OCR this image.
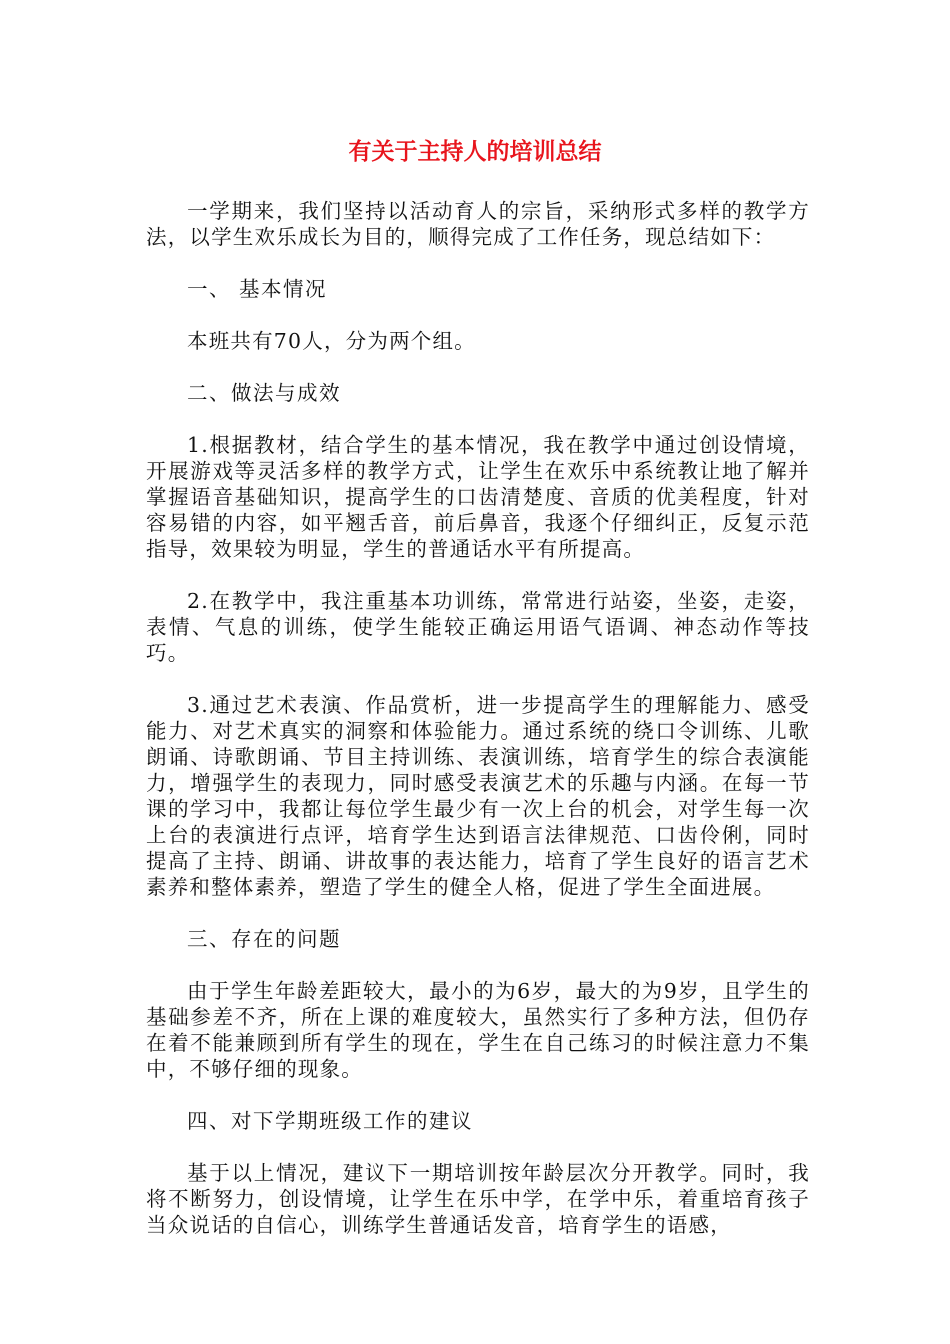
有关于主持人的培训总结

一学期来，我们坚持以活动育人的宗旨，采纳形式多样的教学方法，以学生欢乐成长为目的，顺得完成了工作任务，现总结如下：

一、 基本情况

本班共有70人，分为两个组。

二、做法与成效

1.根据教材，结合学生的基本情况，我在教学中通过创设情境，开展游戏等灵活多样的教学方式，让学生在欢乐中系统教让地了解并掌握语音基础知识，提高学生的口齿清楚度、音质的优美程度，针对容易错的内容，如平翘舌音，前后鼻音，我逐个仔细纠正，反复示范指导，效果较为明显，学生的普通话水平有所提高。

2.在教学中，我注重基本功训练，常常进行站姿，坐姿，走姿，表情、气息的训练，使学生能较正确运用语气语调、神态动作等技巧。

3.通过艺术表演、作品赏析，进一步提高学生的理解能力、感受能力、对艺术真实的洞察和体验能力。通过系统的绕口令训练、儿歌朗诵、诗歌朗诵、节目主持训练、表演训练，培育学生的综合表演能力，增强学生的表现力，同时感受表演艺术的乐趣与内涵。在每一节课的学习中，我都让每位学生最少有一次上台的机会，对学生每一次上台的表演进行点评，培育学生达到语言法律规范、口齿伶俐，同时提高了主持、朗诵、讲故事的表达能力，培育了学生良好的语言艺术素养和整体素养，塑造了学生的健全人格，促进了学生全面进展。

三、存在的问题

由于学生年龄差距较大，最小的为6岁，最大的为9岁，且学生的基础参差不齐，所在上课的难度较大，虽然实行了多种方法，但仍存在着不能兼顾到所有学生的现在，学生在自己练习的时候注意力不集中，不够仔细的现象。

四、对下学期班级工作的建议

基于以上情况，建议下一期培训按年龄层次分开教学。同时，我将不断努力，创设情境，让学生在乐中学，在学中乐，着重培育孩子当众说话的自信心，训练学生普通话发音，培育学生的语感，
